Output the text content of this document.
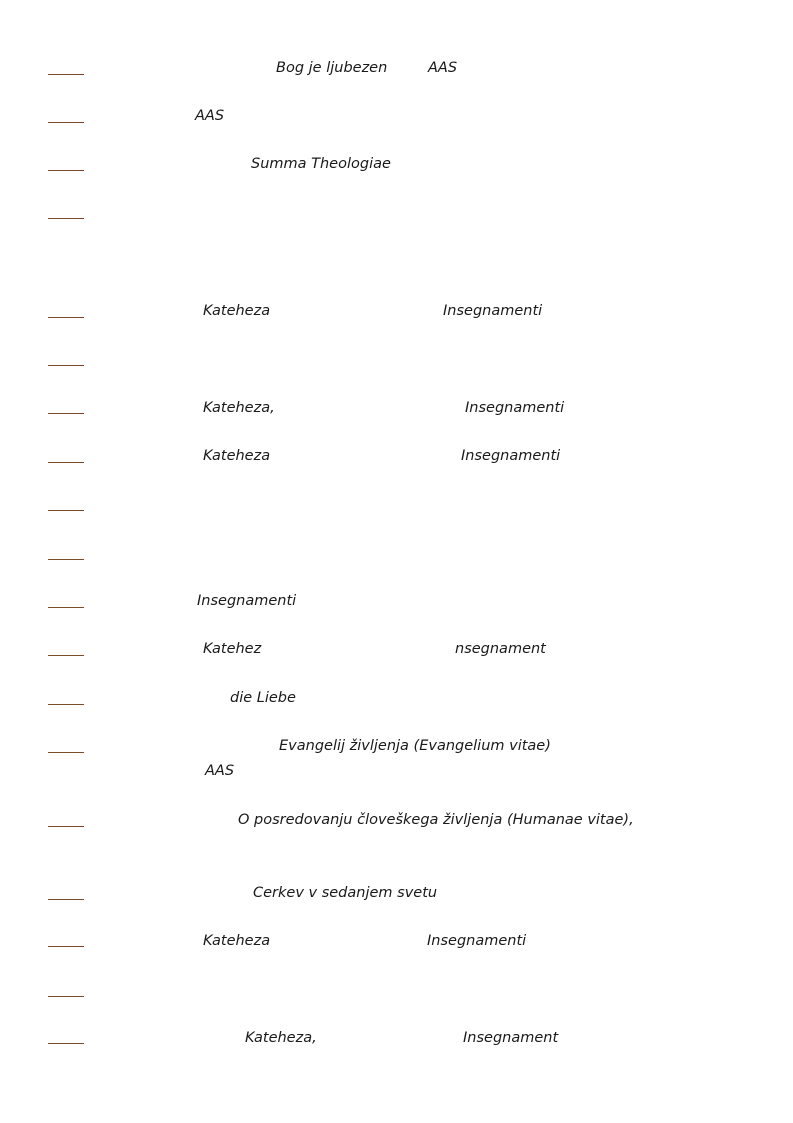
Bog je ljubezen	AAS
AAS
Summa Theologiae
Kateheza	Insegnamenti
Kateheza,	Insegnamenti
Kateheza	Insegnamenti
Insegnamenti
Katehez	nsegnament
die Liebe
Evangelij življenja (Evangelium vitae)
AAS
O posredovanju človeškega življenja (Humanae vitae),
Cerkev v sedanjem svetu
Kateheza	Insegnamenti
Kateheza,	Insegnament
